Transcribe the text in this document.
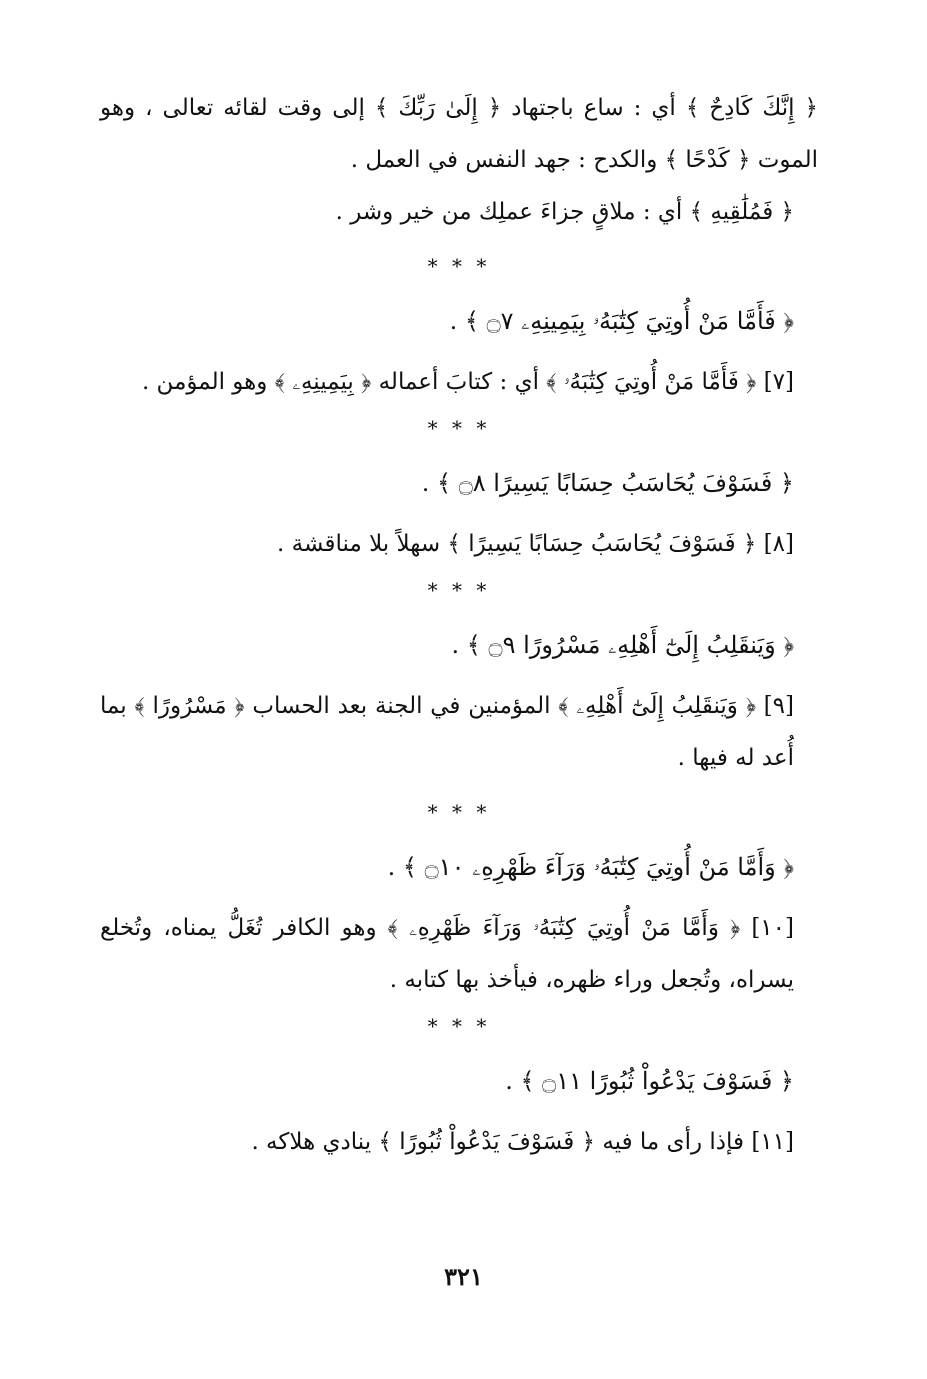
﴿ إِنَّكَ كَادِحٌ ﴾ أي : ساع باجتهاد ﴿ إِلَىٰ رَبِّكَ ﴾ إلى وقت لقائه تعالى ، وهو الموت ﴿ كَدْحًا ﴾ والكدح : جهد النفس في العمل .

﴿ فَمُلَٰقِيهِ ﴾ أي : ملاقٍ جزاءَ عملِك من خير وشر .

* * *

﴿ فَأَمَّا مَنْ أُوتِيَ كِتَٰبَهُۥ بِيَمِينِهِۦ ۝٧ ﴾ .

[٧] ﴿ فَأَمَّا مَنْ أُوتِيَ كِتَٰبَهُۥ ﴾ أي : كتابَ أعماله ﴿ بِيَمِينِهِۦ ﴾ وهو المؤمن .

* * *

﴿ فَسَوْفَ يُحَاسَبُ حِسَابًا يَسِيرًا ۝٨ ﴾ .

[٨] ﴿ فَسَوْفَ يُحَاسَبُ حِسَابًا يَسِيرًا ﴾ سهلاً بلا مناقشة .

* * *

﴿ وَيَنقَلِبُ إِلَىٰٓ أَهْلِهِۦ مَسْرُورًا ۝٩ ﴾ .

[٩] ﴿ وَيَنقَلِبُ إِلَىٰٓ أَهْلِهِۦ ﴾ المؤمنين في الجنة بعد الحساب ﴿ مَسْرُورًا ﴾ بما أُعد له فيها .

* * *

﴿ وَأَمَّا مَنْ أُوتِيَ كِتَٰبَهُۥ وَرَآءَ ظَهْرِهِۦ ۝١٠ ﴾ .

[١٠] ﴿ وَأَمَّا مَنْ أُوتِيَ كِتَٰبَهُۥ وَرَآءَ ظَهْرِهِۦ ﴾ وهو الكافر تُغَلُّ يمناه، وتُخلع يسراه، وتُجعل وراء ظهره، فيأخذ بها كتابه .

* * *

﴿ فَسَوْفَ يَدْعُواْ ثُبُورًا ۝١١ ﴾ .

[١١] فإذا رأى ما فيه ﴿ فَسَوْفَ يَدْعُواْ ثُبُورًا ﴾ ينادي هلاكه .

٣٢١
